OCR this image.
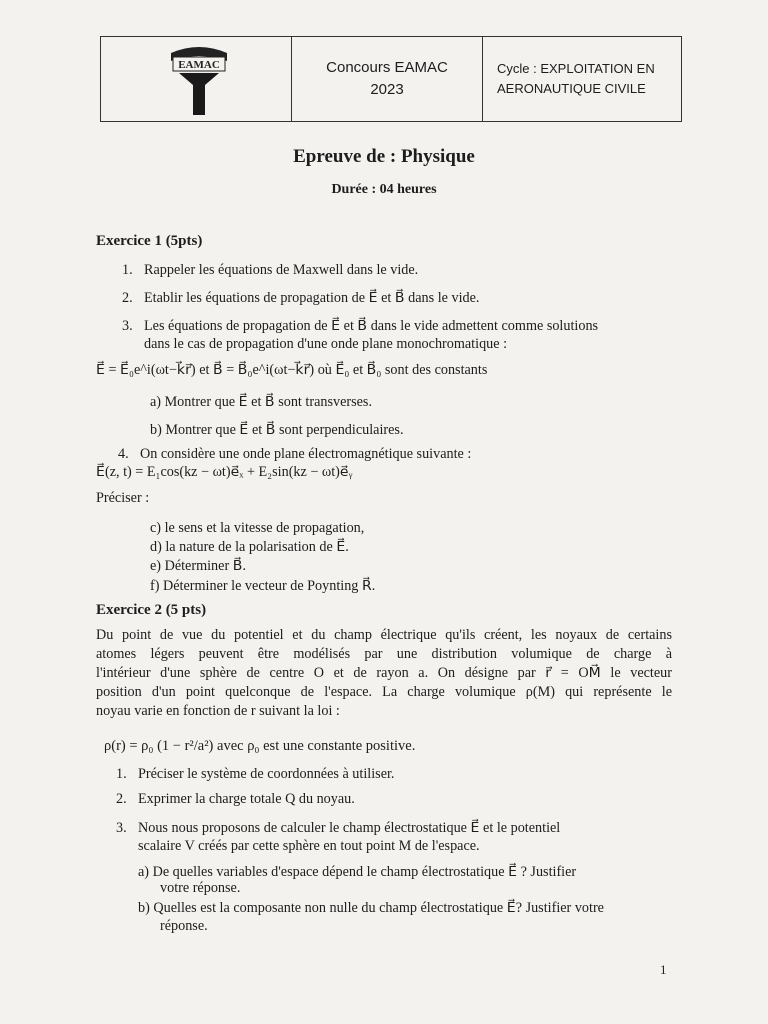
EAMAC	Concours EAMAC
2023
Cycle : EXPLOITATION EN
AERONAUTIQUE CIVILE
Epreuve de : Physique
Durée : 04 heures
Exercice 1 (5pts)
1. Rappeler les équations de Maxwell dans le vide.
2. Etablir les équations de propagation de E⃗ et B⃗ dans le vide.
3. Les équations de propagation de E⃗ et B⃗ dans le vide admettent comme solutions
dans le cas de propagation d'une onde plane monochromatique :
E⃗ = E⃗₀e^i(ωt−k⃗r⃗) et B⃗ = B⃗₀e^i(ωt−k⃗r⃗) où E⃗₀ et B⃗₀ sont des constants
a) Montrer que E⃗ et B⃗ sont transverses.
b) Montrer que E⃗ et B⃗ sont perpendiculaires.
4. On considère une onde plane électromagnétique suivante :
E⃗(z, t) = E₁cos(kz − ωt)e⃗ₓ + E₂sin(kz − ωt)e⃗ᵧ
Préciser :
c) le sens et la vitesse de propagation,
d) la nature de la polarisation de E⃗.
e) Déterminer B⃗.
f) Déterminer le vecteur de Poynting R⃗.
Exercice 2 (5 pts)
Du point de vue du potentiel et du champ électrique qu'ils créent, les noyaux de certains
atomes légers peuvent être modélisés par une distribution volumique de charge à
l'intérieur d'une sphère de centre O et de rayon a. On désigne par r⃗ = OM⃗ le vecteur
position d'un point quelconque de l'espace. La charge volumique ρ(M) qui représente le
noyau varie en fonction de r suivant la loi :
ρ(r) = ρ₀ (1 − r²/a²) avec ρ₀ est une constante positive.
1. Préciser le système de coordonnées à utiliser.
2. Exprimer la charge totale Q du noyau.
3. Nous nous proposons de calculer le champ électrostatique E⃗ et le potentiel
scalaire V créés par cette sphère en tout point M de l'espace.
a) De quelles variables d'espace dépend le champ électrostatique E⃗ ? Justifier
votre réponse.
b) Quelles est la composante non nulle du champ électrostatique E⃗? Justifier votre
réponse.
1
